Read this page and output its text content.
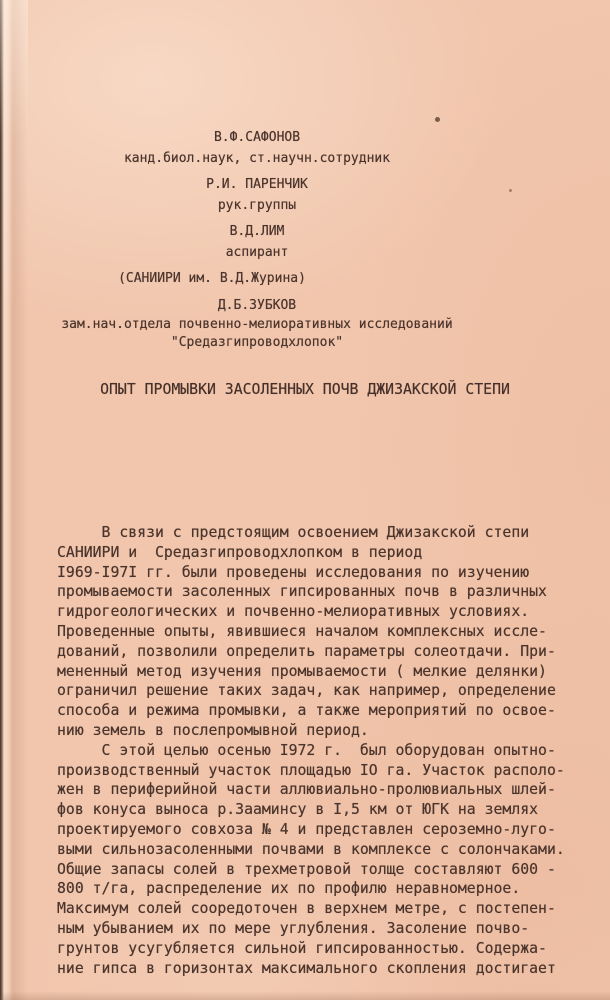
В.Ф.САФОНОВ
канд.биол.наук, ст.научн.сотрудник
Р.И. ПАРЕНЧИК
рук.группы
В.Д.ЛИМ
аспирант
(САНИИРИ им. В.Д.Журина)
Д.Б.ЗУБКОВ
зам.нач.отдела почвенно-мелиоративных исследований
"Средазгипроводхлопок"
ОПЫТ ПРОМЫВКИ ЗАСОЛЕННЫХ ПОЧВ ДЖИЗАКСКОЙ СТЕПИ

В связи с предстоящим освоением Джизакской степи
САНИИРИ и  Средазгипроводхлопком в период
I969-I97I гг. были проведены исследования по изучению
промываемости засоленных гипсированных почв в различных
гидрогеологических и почвенно-мелиоративных условиях.
Проведенные опыты, явившиеся началом комплексных иссле-
дований, позволили определить параметры солеотдачи. При-
мененный метод изучения промываемости ( мелкие делянки)
ограничил решение таких задач, как например, определение
способа и режима промывки, а также мероприятий по освое-
нию земель в послепромывной период.
С этой целью осенью I972 г.  был оборудован опытно-
производственный участок площадью IO га. Участок располо-
жен в периферийной части аллювиально-пролювиальных шлей-
фов конуса выноса р.Зааминсу в I,5 км от ЮГК на землях
проектируемого совхоза № 4 и представлен сероземно-луго-
выми сильнозасоленными почвами в комплексе с солончаками.
Общие запасы солей в трехметровой толще составляют 600 -
800 т/га, распределение их по профилю неравномерное.
Максимум солей сооредоточен в верхнем метре, с постепен-
ным убыванием их по мере углубления. Засоление почво-
грунтов усугубляется сильной гипсированностью. Содержа-
ние гипса в горизонтах максимального скопления достигает
